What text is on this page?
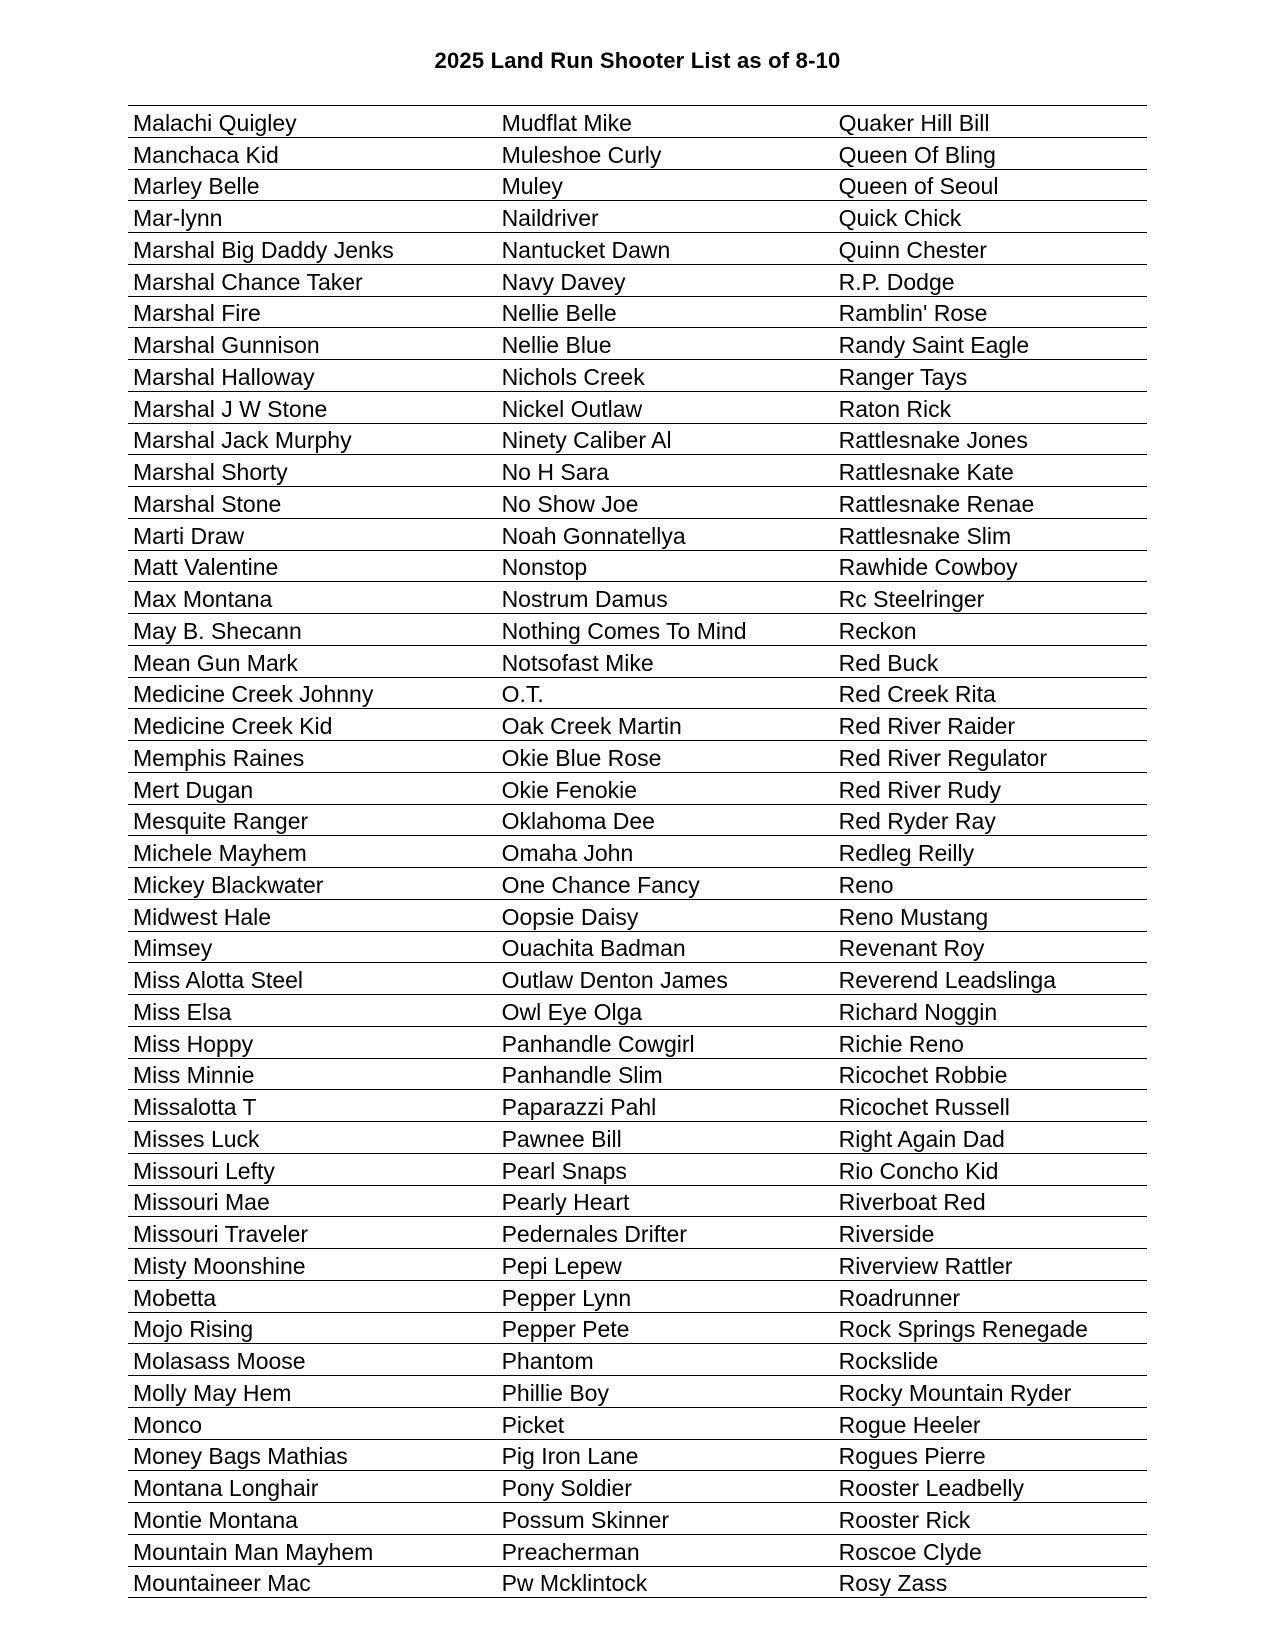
2025 Land Run Shooter List as of 8-10
Malachi Quigley	Mudflat Mike	Quaker Hill Bill
Manchaca Kid	Muleshoe Curly	Queen Of Bling
Marley Belle	Muley	Queen of Seoul
Mar-lynn	Naildriver	Quick Chick
Marshal Big Daddy Jenks	Nantucket Dawn	Quinn Chester
Marshal Chance Taker	Navy Davey	R.P. Dodge
Marshal Fire	Nellie Belle	Ramblin' Rose
Marshal Gunnison	Nellie Blue	Randy Saint Eagle
Marshal Halloway	Nichols Creek	Ranger Tays
Marshal J W Stone	Nickel Outlaw	Raton Rick
Marshal Jack Murphy	Ninety Caliber Al	Rattlesnake Jones
Marshal Shorty	No H Sara	Rattlesnake Kate
Marshal Stone	No Show Joe	Rattlesnake Renae
Marti Draw	Noah Gonnatellya	Rattlesnake Slim
Matt Valentine	Nonstop	Rawhide Cowboy
Max Montana	Nostrum Damus	Rc Steelringer
May B. Shecann	Nothing Comes To Mind	Reckon
Mean Gun Mark	Notsofast Mike	Red Buck
Medicine Creek Johnny	O.T.	Red Creek Rita
Medicine Creek Kid	Oak Creek Martin	Red River Raider
Memphis Raines	Okie Blue Rose	Red River Regulator
Mert Dugan	Okie Fenokie	Red River Rudy
Mesquite Ranger	Oklahoma Dee	Red Ryder Ray
Michele Mayhem	Omaha John	Redleg Reilly
Mickey Blackwater	One Chance Fancy	Reno
Midwest Hale	Oopsie Daisy	Reno Mustang
Mimsey	Ouachita Badman	Revenant Roy
Miss Alotta Steel	Outlaw Denton James	Reverend Leadslinga
Miss Elsa	Owl Eye Olga	Richard Noggin
Miss Hoppy	Panhandle Cowgirl	Richie Reno
Miss Minnie	Panhandle Slim	Ricochet Robbie
Missalotta T	Paparazzi Pahl	Ricochet Russell
Misses Luck	Pawnee Bill	Right Again Dad
Missouri Lefty	Pearl Snaps	Rio Concho Kid
Missouri Mae	Pearly Heart	Riverboat Red
Missouri Traveler	Pedernales Drifter	Riverside
Misty Moonshine	Pepi Lepew	Riverview Rattler
Mobetta	Pepper Lynn	Roadrunner
Mojo Rising	Pepper Pete	Rock Springs Renegade
Molasass Moose	Phantom	Rockslide
Molly May Hem	Phillie Boy	Rocky Mountain Ryder
Monco	Picket	Rogue Heeler
Money Bags Mathias	Pig Iron Lane	Rogues Pierre
Montana Longhair	Pony Soldier	Rooster Leadbelly
Montie Montana	Possum Skinner	Rooster Rick
Mountain Man Mayhem	Preacherman	Roscoe Clyde
Mountaineer Mac	Pw Mcklintock	Rosy Zass
